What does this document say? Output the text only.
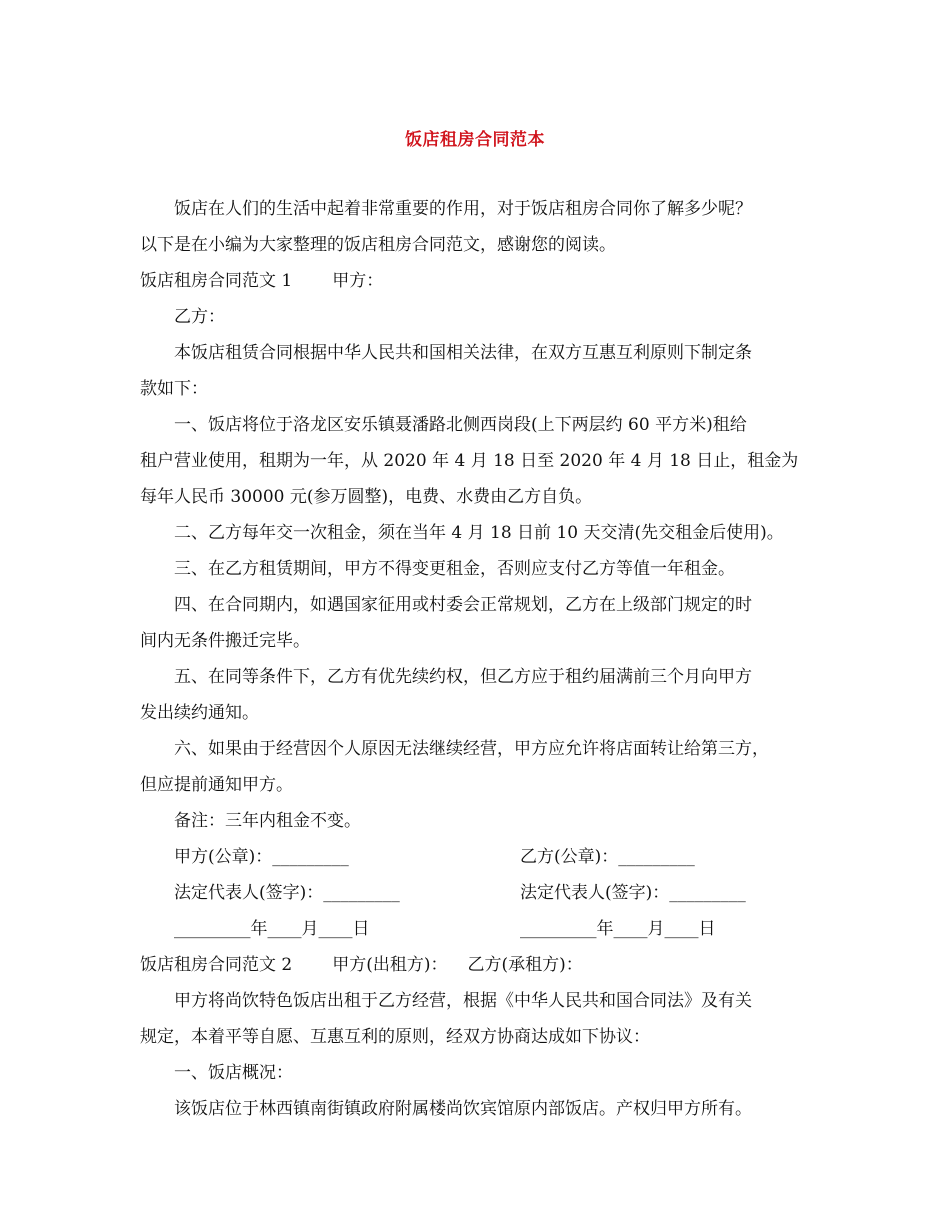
饭店租房合同范本

饭店在人们的生活中起着非常重要的作用，对于饭店租房合同你了解多少呢？

以下是在小编为大家整理的饭店租房合同范文，感谢您的阅读。

饭店租房合同范文 1 甲方：

乙方：

本饭店租赁合同根据中华人民共和国相关法律，在双方互惠互利原则下制定条

款如下：

一、饭店将位于洛龙区安乐镇聂潘路北侧西岗段(上下两层约 60 平方米)租给

租户营业使用，租期为一年，从 2020 年 4 月 18 日至 2020 年 4 月 18 日止，租金为

每年人民币 30000 元(参万圆整)，电费、水费由乙方自负。

二、乙方每年交一次租金，须在当年 4 月 18 日前 10 天交清(先交租金后使用)。

三、在乙方租赁期间，甲方不得变更租金，否则应支付乙方等值一年租金。

四、在合同期内，如遇国家征用或村委会正常规划，乙方在上级部门规定的时

间内无条件搬迁完毕。

五、在同等条件下，乙方有优先续约权，但乙方应于租约届满前三个月向甲方

发出续约通知。

六、如果由于经营因个人原因无法继续经营，甲方应允许将店面转让给第三方，

但应提前通知甲方。

备注：三年内租金不变。

甲方(公章)：_________	乙方(公章)：_________
法定代表人(签字)：_________	法定代表人(签字)：_________
_________年____月____日	_________年____月____日

饭店租房合同范文 2 甲方(出租方)： 乙方(承租方)：

甲方将尚饮特色饭店出租于乙方经营，根据《中华人民共和国合同法》及有关

规定，本着平等自愿、互惠互利的原则，经双方协商达成如下协议：

一、饭店概况：

该饭店位于林西镇南街镇政府附属楼尚饮宾馆原内部饭店。产权归甲方所有。
